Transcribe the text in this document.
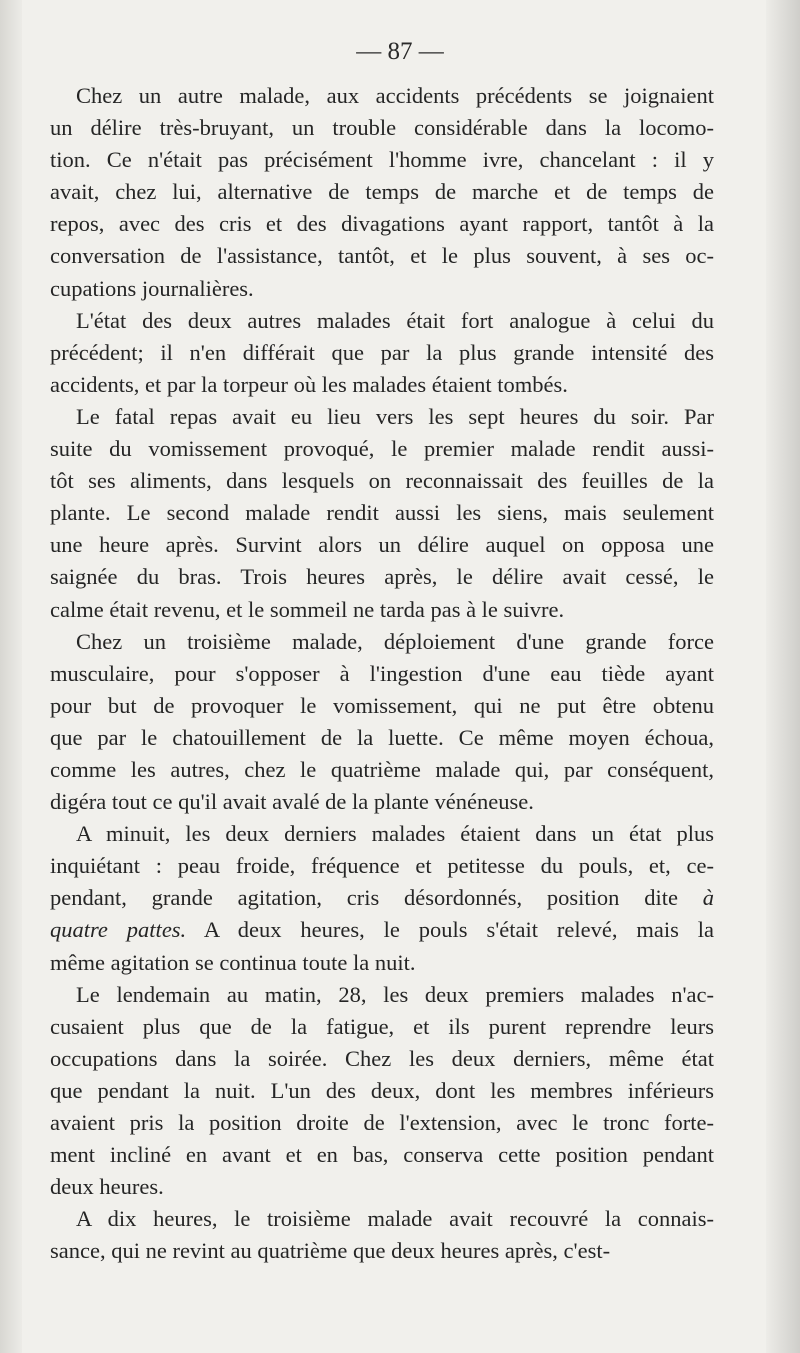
— 87 —
Chez un autre malade, aux accidents précédents se joignaient
un délire très-bruyant, un trouble considérable dans la locomo-
tion. Ce n'était pas précisément l'homme ivre, chancelant : il y
avait, chez lui, alternative de temps de marche et de temps de
repos, avec des cris et des divagations ayant rapport, tantôt à la
conversation de l'assistance, tantôt, et le plus souvent, à ses oc-
cupations journalières.
L'état des deux autres malades était fort analogue à celui du
précédent; il n'en différait que par la plus grande intensité des
accidents, et par la torpeur où les malades étaient tombés.
Le fatal repas avait eu lieu vers les sept heures du soir. Par
suite du vomissement provoqué, le premier malade rendit aussi-
tôt ses aliments, dans lesquels on reconnaissait des feuilles de la
plante. Le second malade rendit aussi les siens, mais seulement
une heure après. Survint alors un délire auquel on opposa une
saignée du bras. Trois heures après, le délire avait cessé, le
calme était revenu, et le sommeil ne tarda pas à le suivre.
Chez un troisième malade, déploiement d'une grande force
musculaire, pour s'opposer à l'ingestion d'une eau tiède ayant
pour but de provoquer le vomissement, qui ne put être obtenu
que par le chatouillement de la luette. Ce même moyen échoua,
comme les autres, chez le quatrième malade qui, par conséquent,
digéra tout ce qu'il avait avalé de la plante vénéneuse.
A minuit, les deux derniers malades étaient dans un état plus
inquiétant : peau froide, fréquence et petitesse du pouls, et, ce-
pendant, grande agitation, cris désordonnés, position dite à
quatre pattes. A deux heures, le pouls s'était relevé, mais la
même agitation se continua toute la nuit.
Le lendemain au matin, 28, les deux premiers malades n'ac-
cusaient plus que de la fatigue, et ils purent reprendre leurs
occupations dans la soirée. Chez les deux derniers, même état
que pendant la nuit. L'un des deux, dont les membres inférieurs
avaient pris la position droite de l'extension, avec le tronc forte-
ment incliné en avant et en bas, conserva cette position pendant
deux heures.
A dix heures, le troisième malade avait recouvré la connais-
sance, qui ne revint au quatrième que deux heures après, c'est-
